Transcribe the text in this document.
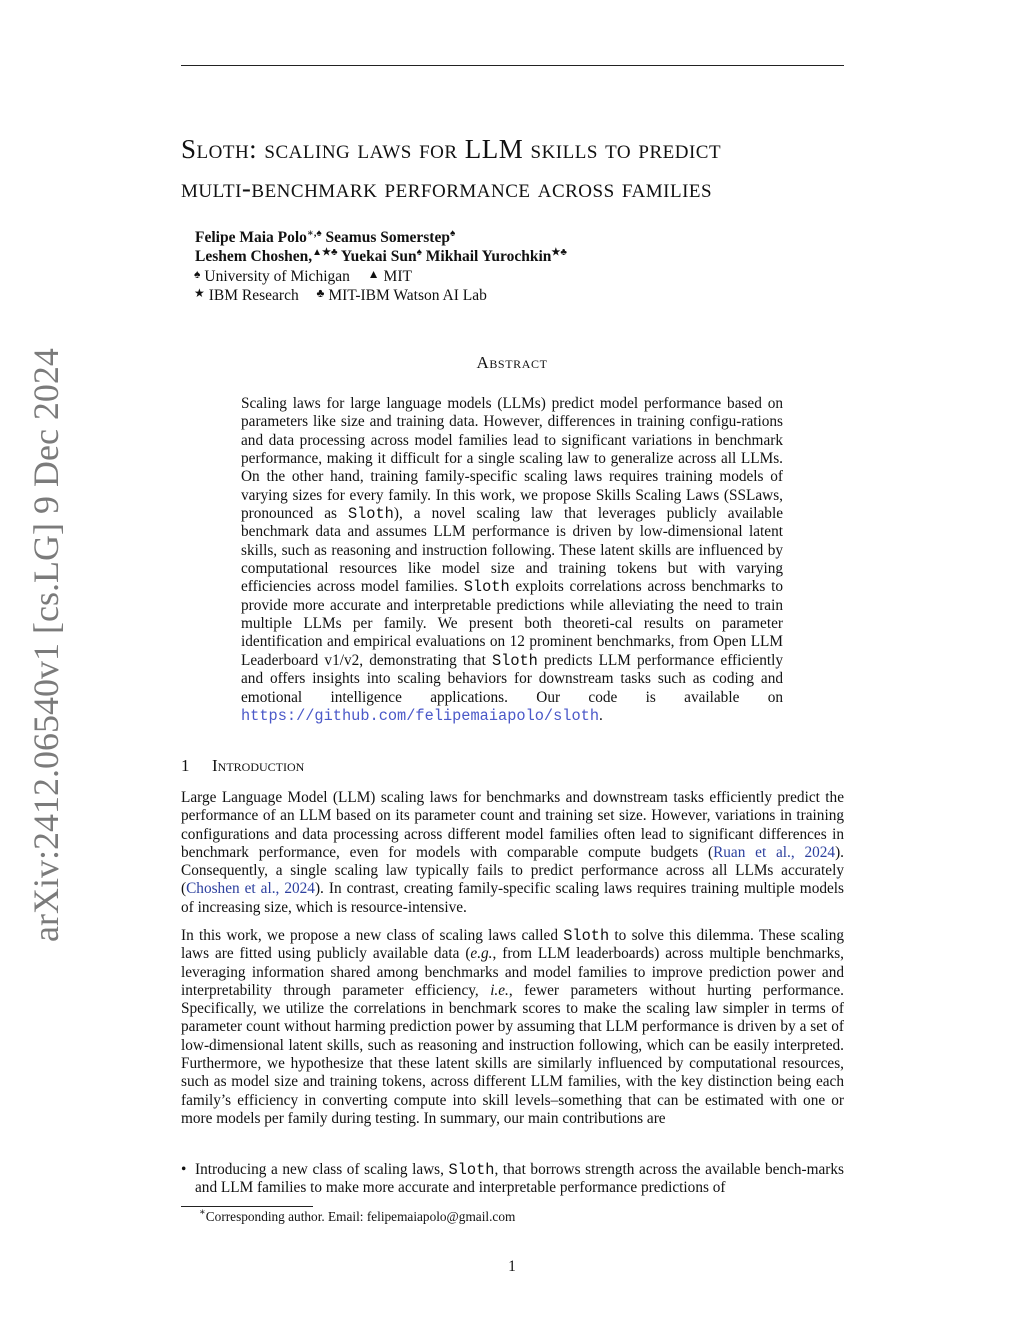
arXiv:2412.06540v1 [cs.LG] 9 Dec 2024
Sloth: scaling laws for LLM skills to predict
multi-benchmark performance across families
Felipe Maia Polo∗,♠ Seamus Somerstep♠
Leshem Choshen,▲★♣ Yuekai Sun♠ Mikhail Yurochkin★♣
♠ University of Michigan ▲ MIT
★ IBM Research ♣ MIT-IBM Watson AI Lab
Abstract
Scaling laws for large language models (LLMs) predict model performance based on parameters like size and training data. However, differences in training configu-rations and data processing across model families lead to significant variations in benchmark performance, making it difficult for a single scaling law to generalize across all LLMs. On the other hand, training family-specific scaling laws requires training models of varying sizes for every family. In this work, we propose Skills Scaling Laws (SSLaws, pronounced as Sloth), a novel scaling law that leverages publicly available benchmark data and assumes LLM performance is driven by low-dimensional latent skills, such as reasoning and instruction following. These latent skills are influenced by computational resources like model size and training tokens but with varying efficiencies across model families. Sloth exploits correlations across benchmarks to provide more accurate and interpretable predictions while alleviating the need to train multiple LLMs per family. We present both theoreti-cal results on parameter identification and empirical evaluations on 12 prominent benchmarks, from Open LLM Leaderboard v1/v2, demonstrating that Sloth predicts LLM performance efficiently and offers insights into scaling behaviors for downstream tasks such as coding and emotional intelligence applications. Our code is available on https://github.com/felipemaiapolo/sloth.
1 Introduction
Large Language Model (LLM) scaling laws for benchmarks and downstream tasks efficiently predict the performance of an LLM based on its parameter count and training set size. However, variations in training configurations and data processing across different model families often lead to significant differences in benchmark performance, even for models with comparable compute budgets (Ruan et al., 2024). Consequently, a single scaling law typically fails to predict performance across all LLMs accurately (Choshen et al., 2024). In contrast, creating family-specific scaling laws requires training multiple models of increasing size, which is resource-intensive.
In this work, we propose a new class of scaling laws called Sloth to solve this dilemma. These scaling laws are fitted using publicly available data (e.g., from LLM leaderboards) across multiple benchmarks, leveraging information shared among benchmarks and model families to improve prediction power and interpretability through parameter efficiency, i.e., fewer parameters without hurting performance. Specifically, we utilize the correlations in benchmark scores to make the scaling law simpler in terms of parameter count without harming prediction power by assuming that LLM performance is driven by a set of low-dimensional latent skills, such as reasoning and instruction following, which can be easily interpreted. Furthermore, we hypothesize that these latent skills are similarly influenced by computational resources, such as model size and training tokens, across different LLM families, with the key distinction being each family’s efficiency in converting compute into skill levels–something that can be estimated with one or more models per family during testing. In summary, our main contributions are
• Introducing a new class of scaling laws, Sloth, that borrows strength across the available bench-marks and LLM families to make more accurate and interpretable performance predictions of
∗Corresponding author. Email: felipemaiapolo@gmail.com
1
